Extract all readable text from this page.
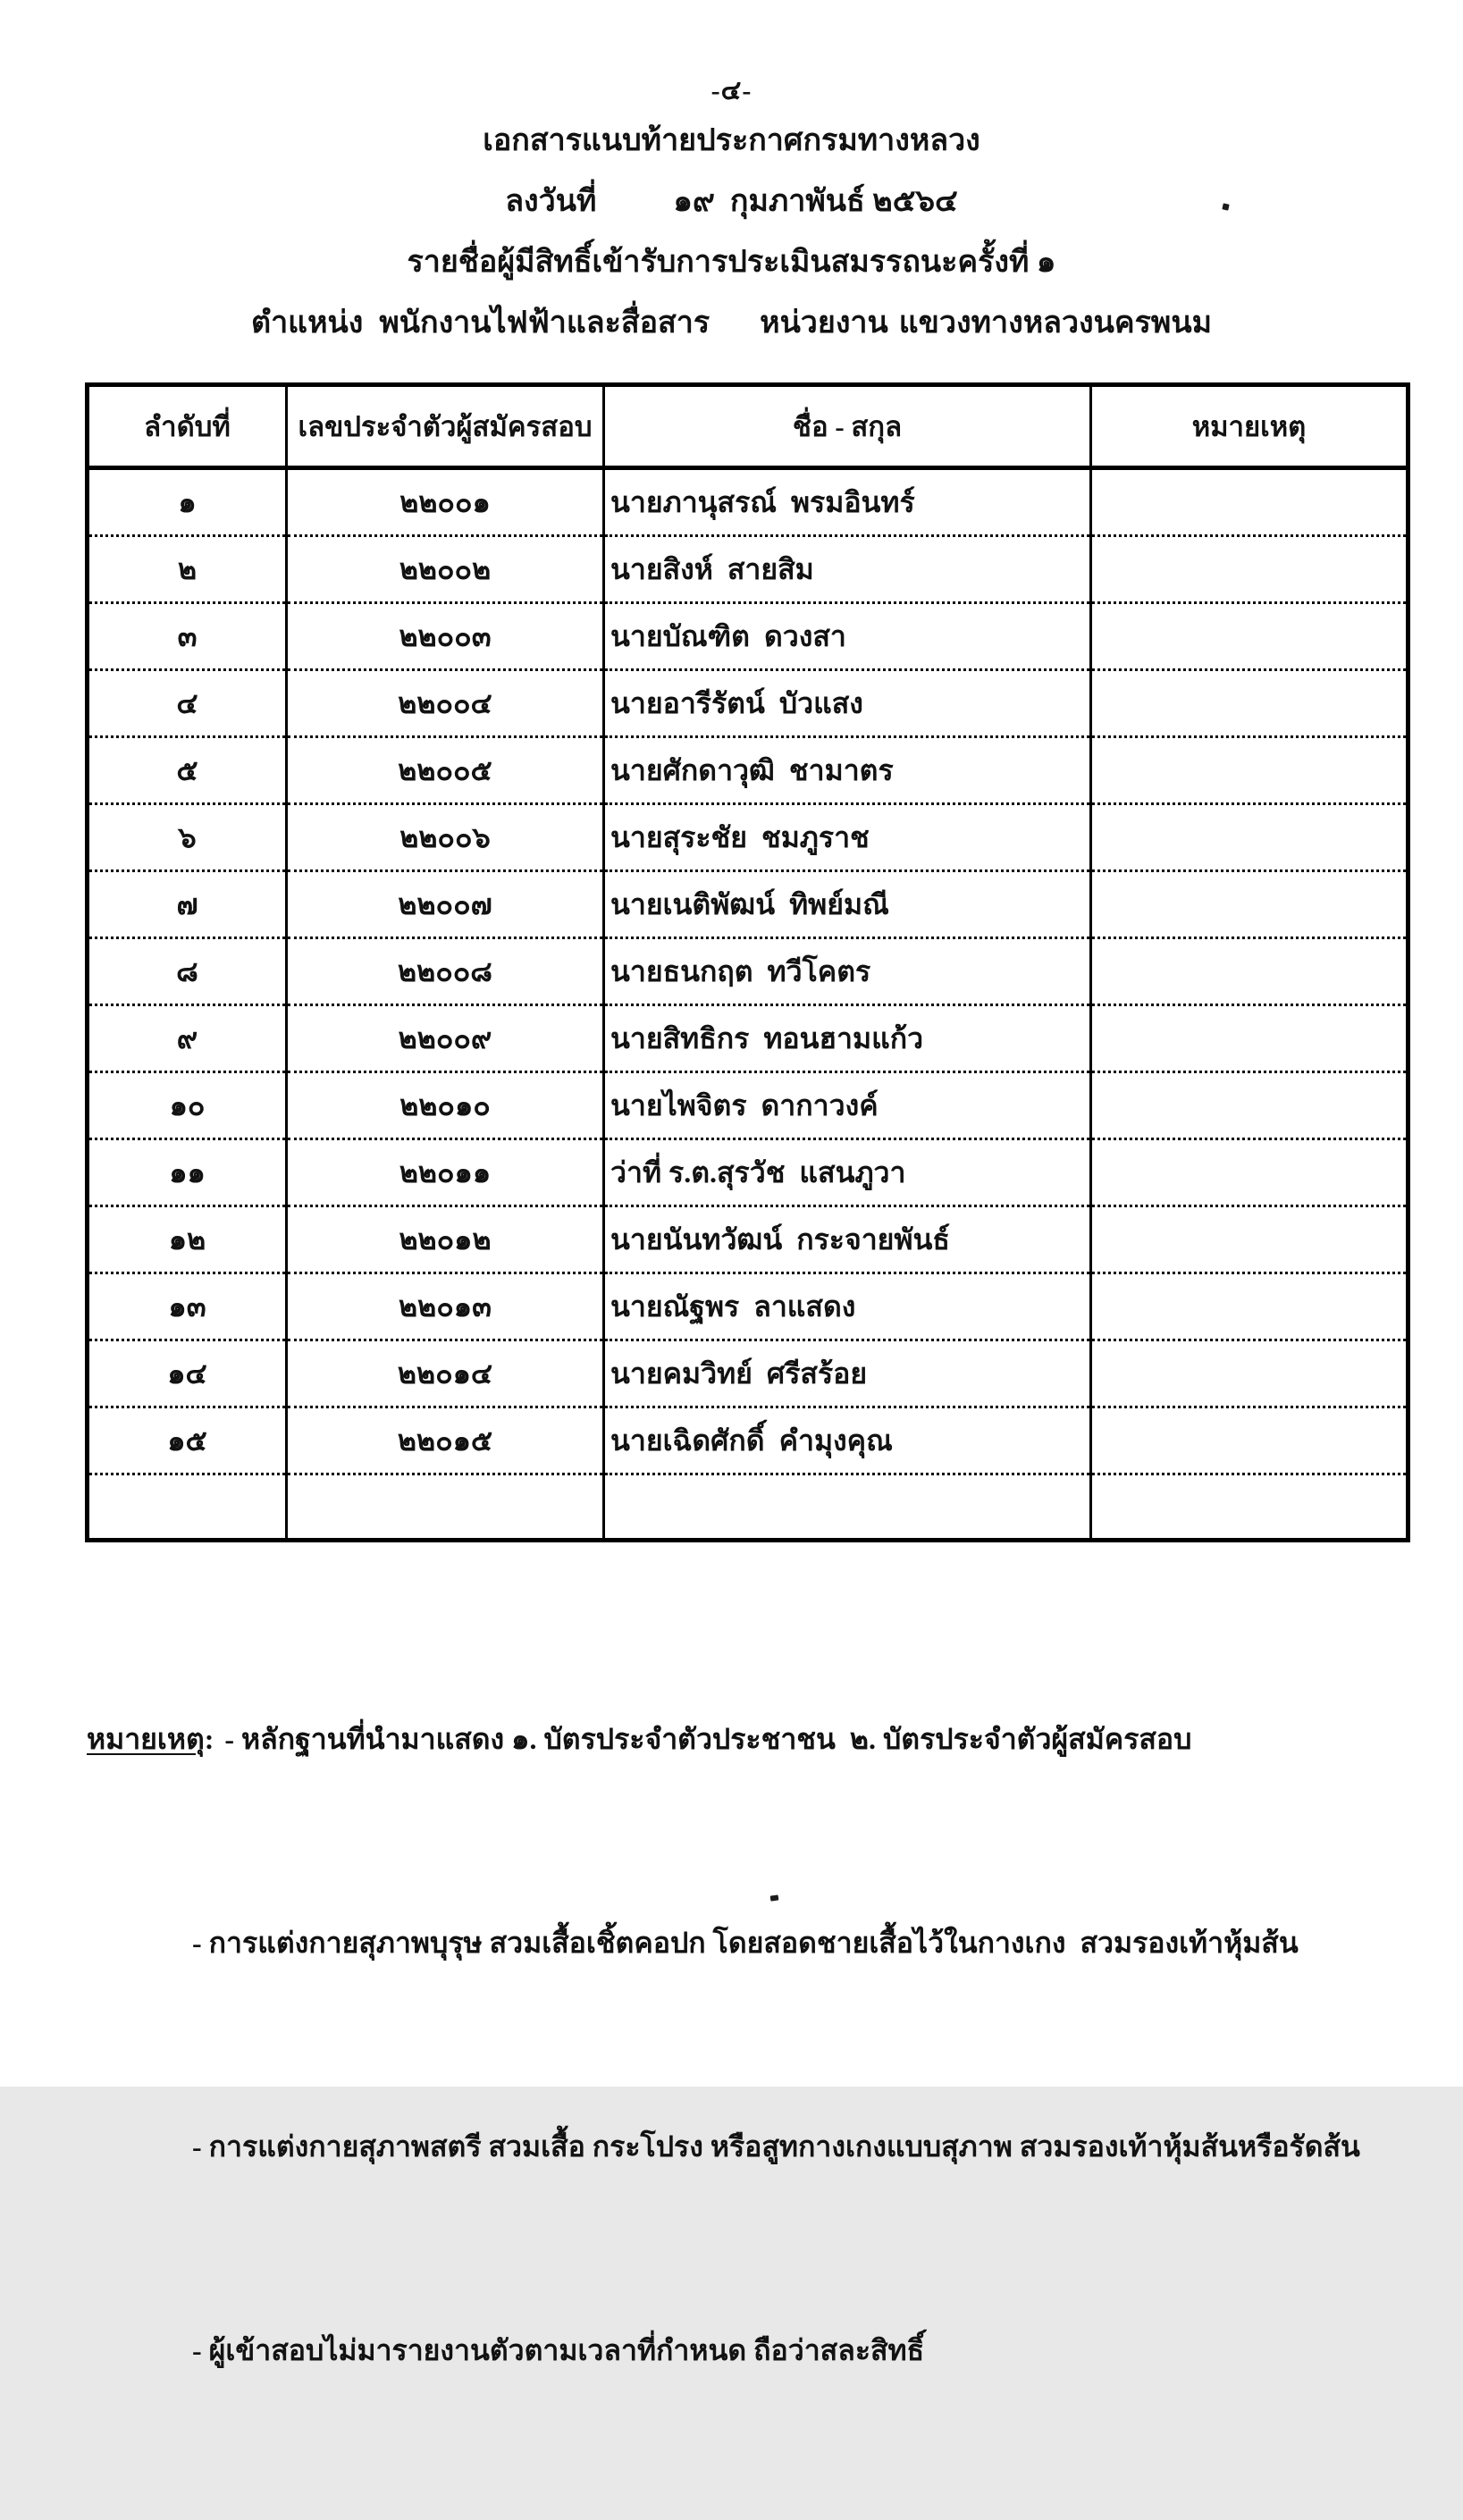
-๔-
เอกสารแนบท้ายประกาศกรมทางหลวง
ลงวันที่	๑๙  กุมภาพันธ์ ๒๕๖๔
รายชื่อผู้มีสิทธิ์เข้ารับการประเมินสมรรถนะครั้งที่ ๑
ตำแหน่ง พนักงานไฟฟ้าและสื่อสาร หน่วยงาน แขวงทางหลวงนครพนม
ลำดับที่	เลขประจำตัวผู้สมัครสอบ	ชื่อ - สกุล	หมายเหตุ
๑	๒๒๐๐๑	นายภานุสรณ์  พรมอินทร์	
๒	๒๒๐๐๒	นายสิงห์  สายสิม	
๓	๒๒๐๐๓	นายบัณฑิต  ดวงสา	
๔	๒๒๐๐๔	นายอารีรัตน์  บัวแสง	
๕	๒๒๐๐๕	นายศักดาวุฒิ  ชามาตร	
๖	๒๒๐๐๖	นายสุระชัย  ชมภูราช	
๗	๒๒๐๐๗	นายเนติพัฒน์  ทิพย์มณี	
๘	๒๒๐๐๘	นายธนกฤต  ทวีโคตร	
๙	๒๒๐๐๙	นายสิทธิกร  ทอนฮามแก้ว	
๑๐	๒๒๐๑๐	นายไพจิตร  ดากาวงค์	
๑๑	๒๒๐๑๑	ว่าที่ ร.ต.สุรวัช  แสนภูวา	
๑๒	๒๒๐๑๒	นายนันทวัฒน์  กระจายพันธ์	
๑๓	๒๒๐๑๓	นายณัฐพร  ลาแสดง	
๑๔	๒๒๐๑๔	นายคมวิทย์  ศรีสร้อย	
๑๕	๒๒๐๑๕	นายเฉิดศักดิ์  คำมุงคุณ	

หมายเหตุ: - หลักฐานที่นำมาแสดง ๑. บัตรประจำตัวประชาชน  ๒. บัตรประจำตัวผู้สมัครสอบ

- การแต่งกายสุภาพบุรุษ สวมเสื้อเชิ้ตคอปก โดยสอดชายเสื้อไว้ในกางเกง  สวมรองเท้าหุ้มส้น

- การแต่งกายสุภาพสตรี สวมเสื้อ กระโปรง หรือสูทกางเกงแบบสุภาพ สวมรองเท้าหุ้มส้นหรือรัดส้น

- ผู้เข้าสอบไม่มารายงานตัวตามเวลาที่กำหนด ถือว่าสละสิทธิ์
